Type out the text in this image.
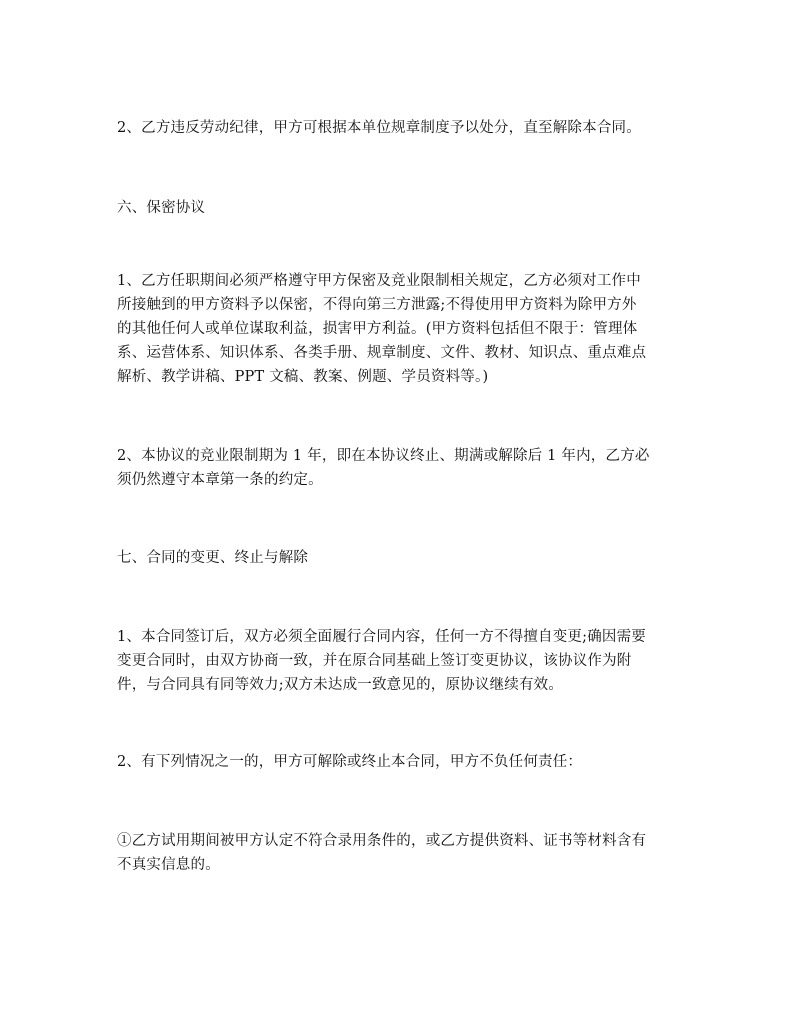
2、乙方违反劳动纪律，甲方可根据本单位规章制度予以处分，直至解除本合同。

六、保密协议

1、乙方任职期间必须严格遵守甲方保密及竞业限制相关规定，乙方必须对工作中
所接触到的甲方资料予以保密，不得向第三方泄露;不得使用甲方资料为除甲方外
的其他任何人或单位谋取利益，损害甲方利益。(甲方资料包括但不限于：管理体
系、运营体系、知识体系、各类手册、规章制度、文件、教材、知识点、重点难点
解析、教学讲稿、PPT 文稿、教案、例题、学员资料等。)

2、本协议的竞业限制期为 1 年，即在本协议终止、期满或解除后 1 年内，乙方必
须仍然遵守本章第一条的约定。

七、合同的变更、终止与解除

1、本合同签订后，双方必须全面履行合同内容，任何一方不得擅自变更;确因需要
变更合同时，由双方协商一致，并在原合同基础上签订变更协议，该协议作为附
件，与合同具有同等效力;双方未达成一致意见的，原协议继续有效。

2、有下列情况之一的，甲方可解除或终止本合同，甲方不负任何责任：

①乙方试用期间被甲方认定不符合录用条件的，或乙方提供资料、证书等材料含有
不真实信息的。
